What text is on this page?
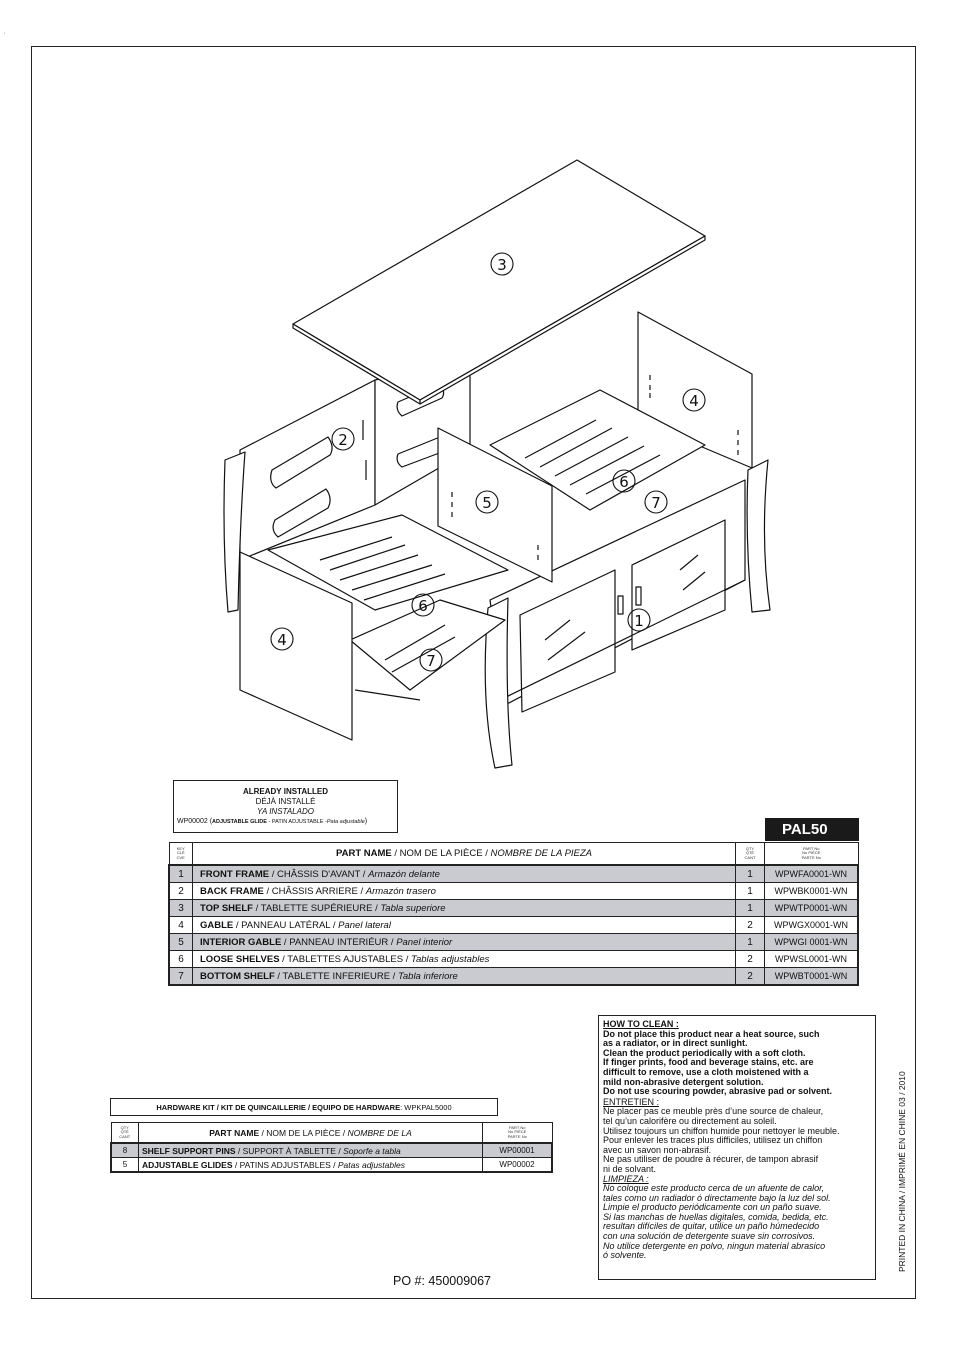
'
3
2
4
6
7
5
4
6
7
1
ALREADY INSTALLED
DÉJÀ INSTALLÉ
YA INSTALADO
WP00002 (ADJUSTABLE GLIDE - PATIN ADJUSTABLE -Pata adjustable)	PAL50
KEY
CLÉ
CVE	PART NAME / NOM DE LA PIÈCE / NOMBRE DE LA PIEZA	QTY
QTÉ
CANT	PART No
No PIÈCE
PARTE No
1	FRONT FRAME / CHÂSSIS D'AVANT / Armazón delante	1	WPWFA0001-WN
2	BACK FRAME / CHÂSSIS ARRIERE / Armazón trasero	1	WPWBK0001-WN
3	TOP SHELF / TABLETTE SUPÉRIEURE / Tabla superiore	1	WPWTP0001-WN
4	GABLE / PANNEAU LATÉRAL / Panel lateral	2	WPWGX0001-WN
5	INTERIOR GABLE / PANNEAU INTERIÉUR / Panel interior	1	WPWGI 0001-WN
6	LOOSE SHELVES / TABLETTES AJUSTABLES / Tablas adjustables	2	WPWSL0001-WN
7	BOTTOM SHELF / TABLETTE INFERIEURE / Tabla inferiore	2	WPWBT0001-WN
HARDWARE KIT / KIT DE QUINCAILLERIE / EQUIPO DE HARDWARE: WPKPAL5000
QTY
QTÉ
CANT	PART NAME / NOM DE LA PIÈCE / NOMBRE DE LA	PART No
No PIÈCE
PARTE No
8	SHELF SUPPORT PINS / SUPPORT À TABLETTE / Soporfe a tabla	WP00001
5	ADJUSTABLE GLIDES / PATINS ADJUSTABLES / Patas adjustables	WP00002
HOW TO CLEAN :
Do not place this product near a heat source, such
as a radiator, or in direct sunlight.
Clean the product periodically with a soft cloth.
If finger prints, food and beverage stains, etc. are
difficult to remove, use a cloth moistened with a
mild non-abrasive detergent solution.
Do not use scouring powder, abrasive pad or solvent.
ENTRETIEN :
Ne placer pas ce meuble près d’une source de chaleur,
tel qu’un calorifère ou directement au soleil.
Utilisez toujours un chiffon humide pour nettoyer le meuble.
Pour enlever les traces plus difficiles, utilisez un chiffon
avec un savon non-abrasif.
Ne pas utiliser de poudre à récurer, de tampon abrasif
ni de solvant.
LIMPIEZA :
No coloque este producto cerca de un afuente de calor,
tales como un radiador ó directamente bajo la luz del sol.
Limpie el producto periódicamente con un paño suave.
Si las manchas de huellas digitales, comida, bedida, etc.
resultan difíciles de quitar, utilice un paño húmedecido
con una solución de detergente suave sin corrosivos.
No utilice detergente en polvo, ningun material abrasico
ó solvente.	PRINTED IN CHINA / IMPRIMÉ EN CHINE 03 / 2010
PO #: 450009067
